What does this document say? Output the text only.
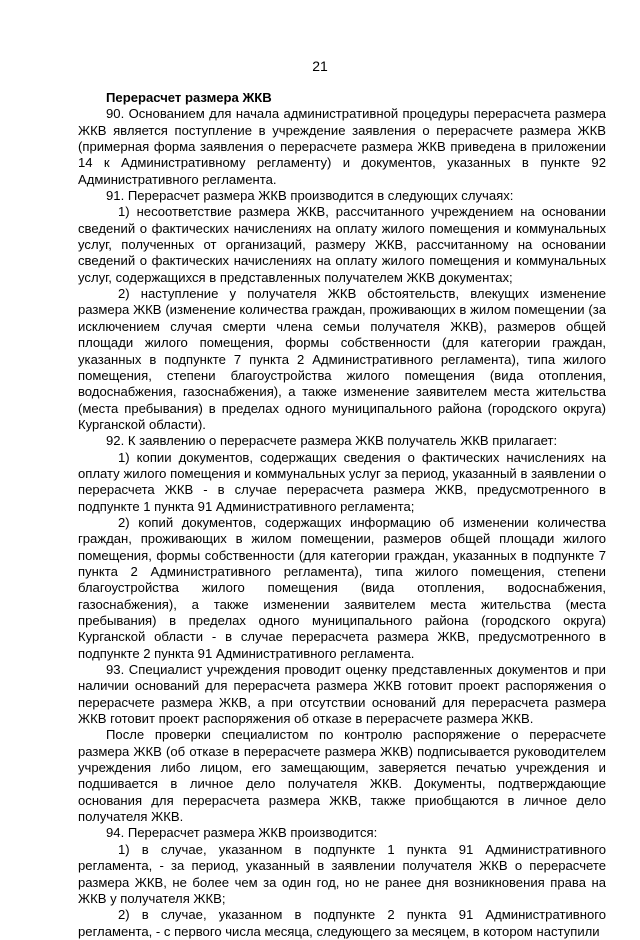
21

Перерасчет размера ЖКВ

90. Основанием для начала административной процедуры перерасчета размера ЖКВ является поступление в учреждение заявления о перерасчете размера ЖКВ (примерная форма заявления о перерасчете размера ЖКВ приведена в приложении 14 к Административному регламенту) и документов, указанных в пункте 92 Административного регламента.

91. Перерасчет размера ЖКВ производится в следующих случаях:

1) несоответствие размера ЖКВ, рассчитанного учреждением на основании сведений о фактических начислениях на оплату жилого помещения и коммунальных услуг, полученных от организаций, размеру ЖКВ, рассчитанному на основании сведений о фактических начислениях на оплату жилого помещения и коммунальных услуг, содержащихся в представленных получателем ЖКВ документах;

2) наступление у получателя ЖКВ обстоятельств, влекущих изменение размера ЖКВ (изменение количества граждан, проживающих в жилом помещении (за исключением случая смерти члена семьи получателя ЖКВ), размеров общей площади жилого помещения, формы собственности (для категории граждан, указанных в подпункте 7 пункта 2 Административного регламента), типа жилого помещения, степени благоустройства жилого помещения (вида отопления, водоснабжения, газоснабжения), а также изменение заявителем места жительства (места пребывания) в пределах одного муниципального района (городского округа) Курганской области).

92. К заявлению о перерасчете размера ЖКВ получатель ЖКВ прилагает:

1) копии документов, содержащих сведения о фактических начислениях на оплату жилого помещения и коммунальных услуг за период, указанный в заявлении о перерасчета ЖКВ - в случае перерасчета размера ЖКВ, предусмотренного в подпункте 1 пункта 91 Административного регламента;

2) копий документов, содержащих информацию об изменении количества граждан, проживающих в жилом помещении, размеров общей площади жилого помещения, формы собственности (для категории граждан, указанных в подпункте 7 пункта 2 Административного регламента), типа жилого помещения, степени благоустройства жилого помещения (вида отопления, водоснабжения, газоснабжения), а также изменении заявителем места жительства (места пребывания) в пределах одного муниципального района (городского округа) Курганской области - в случае перерасчета размера ЖКВ, предусмотренного в подпункте 2 пункта 91 Административного регламента.

93. Специалист учреждения проводит оценку представленных документов и при наличии оснований для перерасчета размера ЖКВ готовит проект распоряжения о перерасчете размера ЖКВ, а при отсутствии оснований для перерасчета размера ЖКВ готовит проект распоряжения об отказе в перерасчете размера ЖКВ.

После проверки специалистом по контролю распоряжение о перерасчете размера ЖКВ (об отказе в перерасчете размера ЖКВ) подписывается руководителем учреждения либо лицом, его замещающим, заверяется печатью учреждения и подшивается в личное дело получателя ЖКВ. Документы, подтверждающие основания для перерасчета размера ЖКВ, также приобщаются в личное дело получателя ЖКВ.

94. Перерасчет размера ЖКВ производится:

1) в случае, указанном в подпункте 1 пункта 91 Административного регламента, - за период, указанный в заявлении получателя ЖКВ о перерасчете размера ЖКВ, не более чем за один год, но не ранее дня возникновения права на ЖКВ у получателя ЖКВ;

2) в случае, указанном в подпункте 2 пункта 91 Административного регламента, - с первого числа месяца, следующего за месяцем, в котором наступили
